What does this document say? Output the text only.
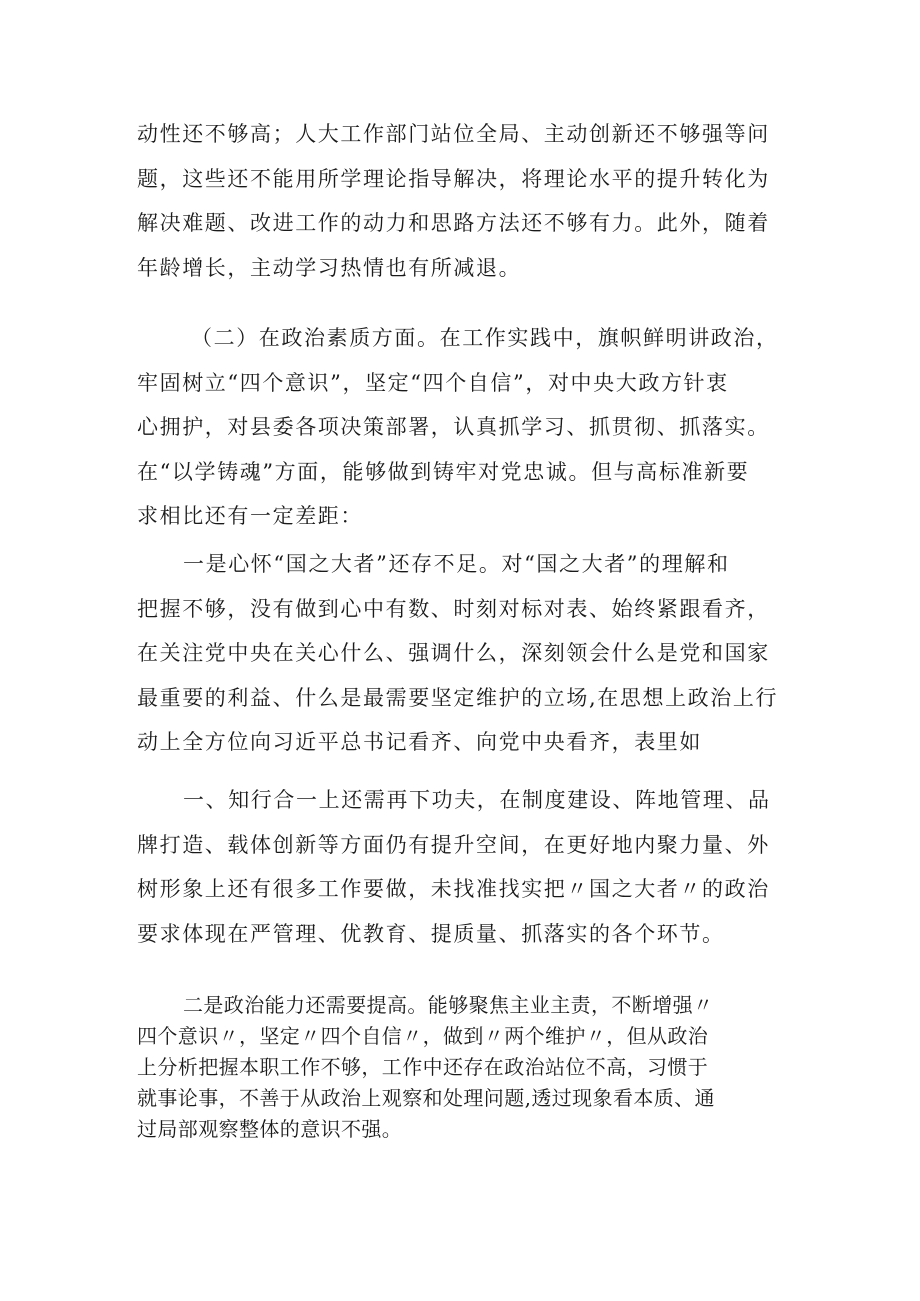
动性还不够高；人大工作部门站位全局、主动创新还不够强等问
题，这些还不能用所学理论指导解决，将理论水平的提升转化为
解决难题、改进工作的动力和思路方法还不够有力。此外，随着
年龄增长，主动学习热情也有所减退。
（二）在政治素质方面。在工作实践中，旗帜鲜明讲政治，
牢固树立“四个意识”，坚定“四个自信”，对中央大政方针衷
心拥护，对县委各项决策部署，认真抓学习、抓贯彻、抓落实。
在“以学铸魂”方面，能够做到铸牢对党忠诚。但与高标准新要
求相比还有一定差距：
一是心怀“国之大者”还存不足。对“国之大者”的理解和
把握不够，没有做到心中有数、时刻对标对表、始终紧跟看齐，
在关注党中央在关心什么、强调什么，深刻领会什么是党和国家
最重要的利益、什么是最需要坚定维护的立场,在思想上政治上行
动上全方位向习近平总书记看齐、向党中央看齐，表里如
一、知行合一上还需再下功夫，在制度建设、阵地管理、品
牌打造、载体创新等方面仍有提升空间，在更好地内聚力量、外
树形象上还有很多工作要做，未找准找实把〃国之大者〃的政治
要求体现在严管理、优教育、提质量、抓落实的各个环节。
二是政治能力还需要提高。能够聚焦主业主责，不断增强〃
四个意识〃，坚定〃四个自信〃，做到〃两个维护〃，但从政治
上分析把握本职工作不够，工作中还存在政治站位不高，习惯于
就事论事，不善于从政治上观察和处理问题,透过现象看本质、通
过局部观察整体的意识不强。
